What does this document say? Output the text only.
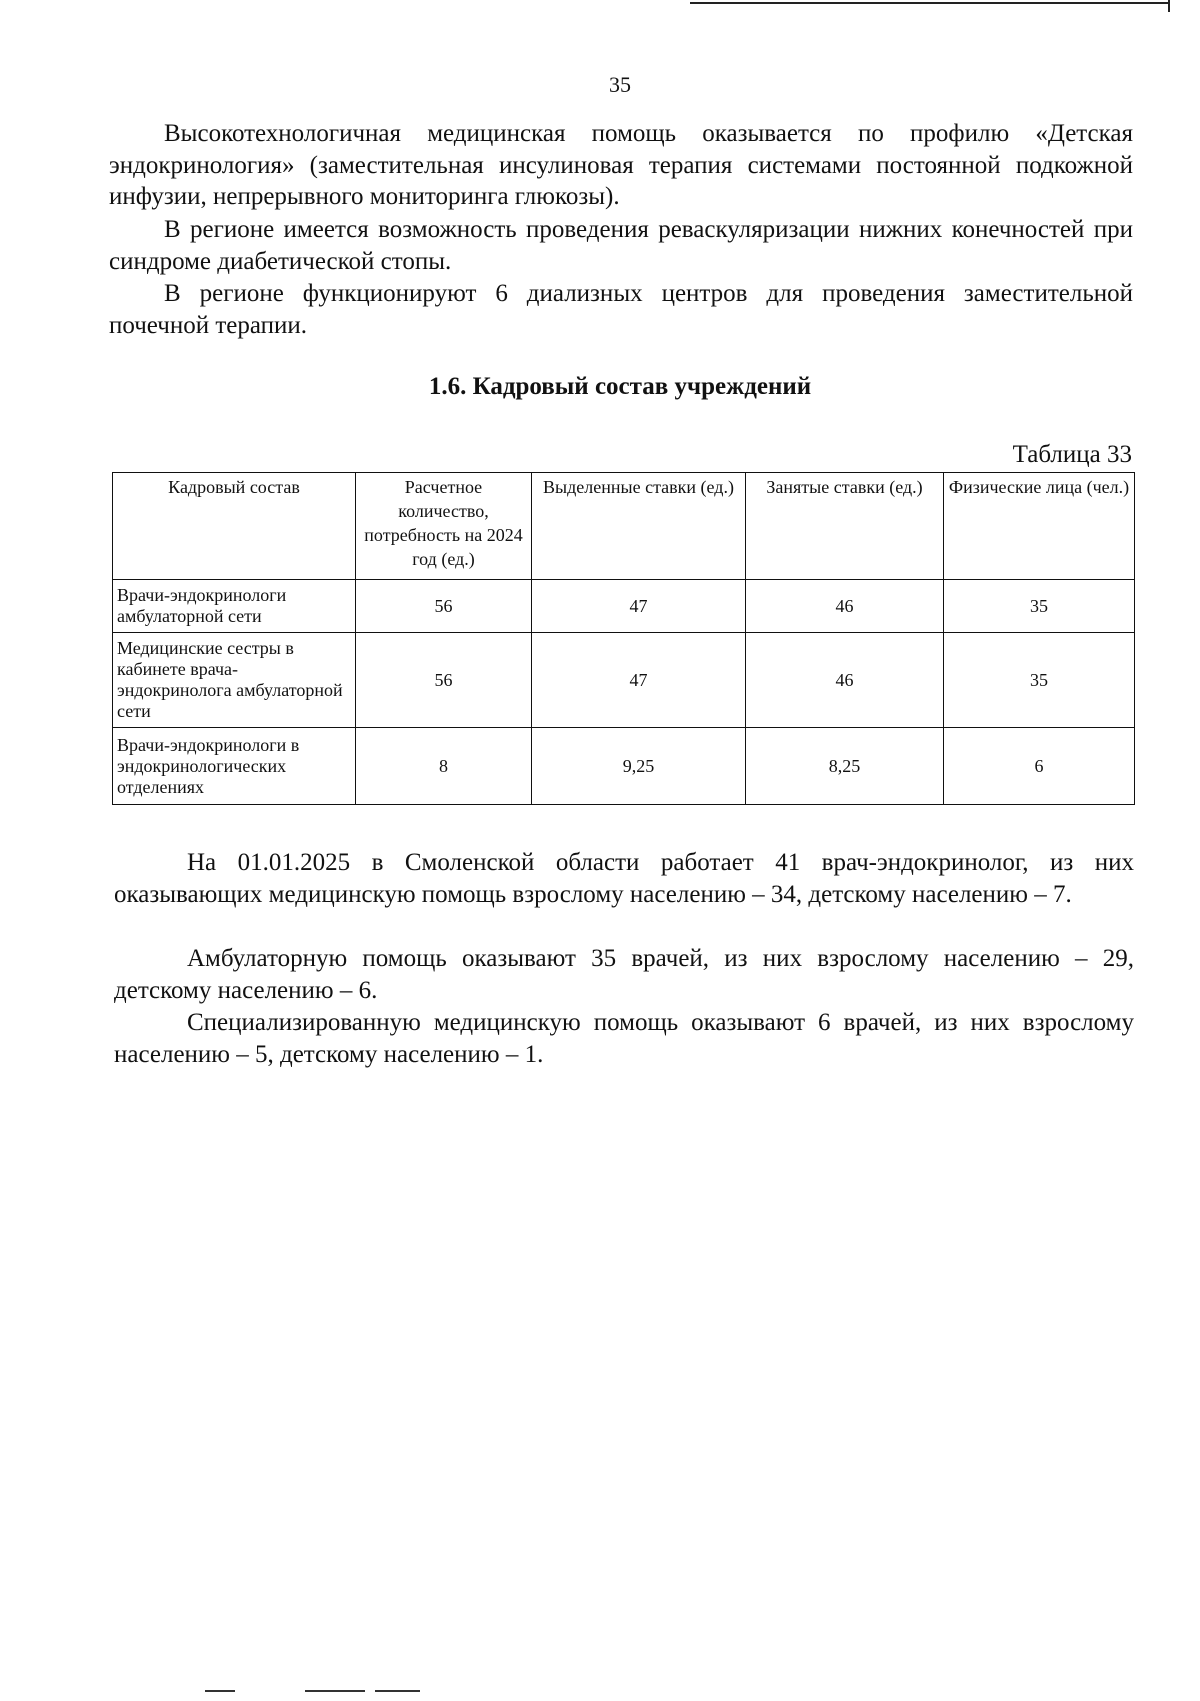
35

Высокотехнологичная медицинская помощь оказывается по профилю «Детская эндокринология» (заместительная инсулиновая терапия системами постоянной подкожной инфузии, непрерывного мониторинга глюкозы).

В регионе имеется возможность проведения реваскуляризации нижних конечностей при синдроме диабетической стопы.

В регионе функционируют 6 диализных центров для проведения заместительной почечной терапии.

1.6. Кадровый состав учреждений
Таблица 33
Кадровый состав	Расчетное количество, потребность на 2024 год (ед.)	Выделенные ставки (ед.)	Занятые ставки (ед.)	Физические лица (чел.)
Врачи-эндокринологи амбулаторной сети	56	47	46	35
Медицинские сестры в кабинете врача-эндокринолога амбулаторной сети	56	47	46	35
Врачи-эндокринологи в эндокринологических отделениях	8	9,25	8,25	6

На 01.01.2025 в Смоленской области работает 41 врач-эндокринолог, из них оказывающих медицинскую помощь взрослому населению – 34, детскому населению – 7.

Амбулаторную помощь оказывают 35 врачей, из них взрослому населению – 29, детскому населению – 6.

Специализированную медицинскую помощь оказывают 6 врачей, из них взрослому населению – 5, детскому населению – 1.
